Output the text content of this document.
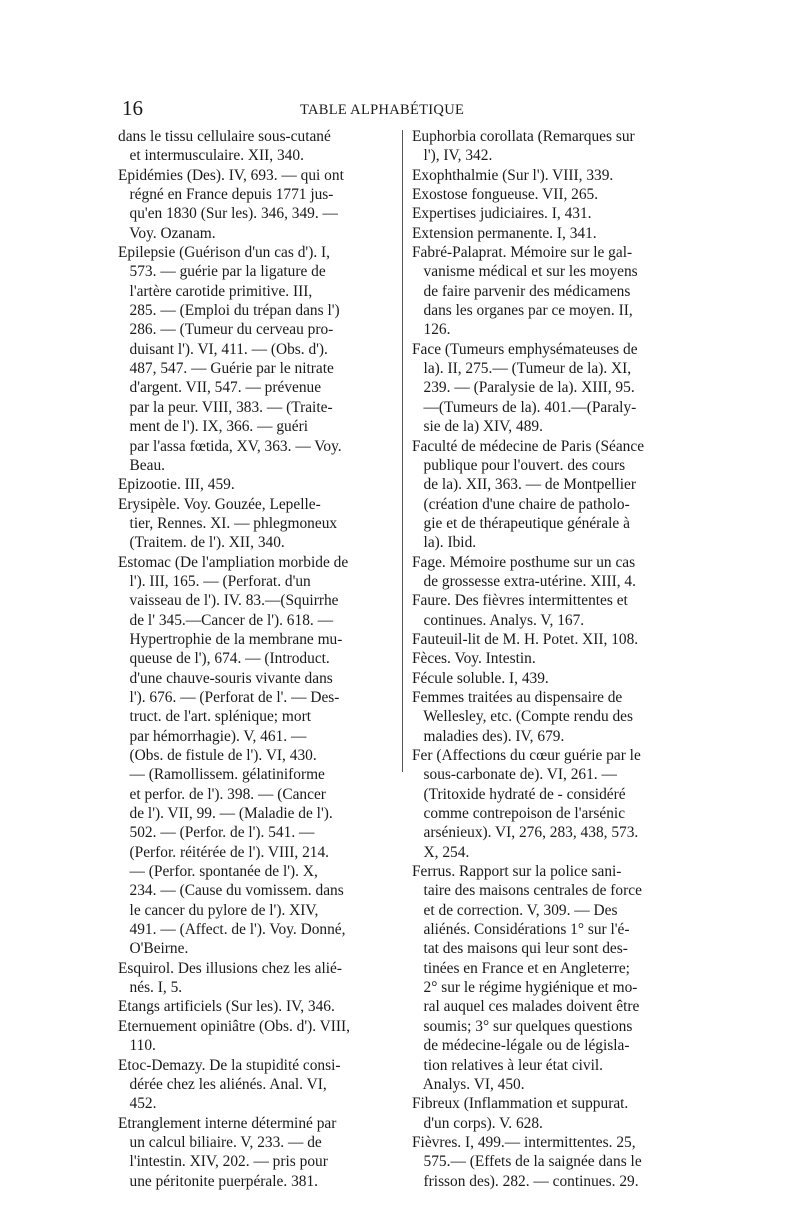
16	TABLE ALPHABÉTIQUE
dans le tissu cellulaire sous-cutané
et intermusculaire. XII, 340.
Epidémies (Des). IV, 693. — qui ont
régné en France depuis 1771 jus-
qu'en 1830 (Sur les). 346, 349. —
Voy. Ozanam.
Epilepsie (Guérison d'un cas d'). I,
573. — guérie par la ligature de
l'artère carotide primitive. III,
285. — (Emploi du trépan dans l')
286. — (Tumeur du cerveau pro-
duisant l'). VI, 411. — (Obs. d').
487, 547. — Guérie par le nitrate
d'argent. VII, 547. — prévenue
par la peur. VIII, 383. — (Traite-
ment de l'). IX, 366. — guéri
par l'assa fœtida, XV, 363. — Voy.
Beau.
Epizootie. III, 459.
Erysipèle. Voy. Gouzée, Lepelle-
tier, Rennes. XI. — phlegmoneux
(Traitem. de l'). XII, 340.
Estomac (De l'ampliation morbide de
l'). III, 165. — (Perforat. d'un
vaisseau de l'). IV. 83.—(Squirrhe
de l' 345.—Cancer de l'). 618. —
Hypertrophie de la membrane mu-
queuse de l'), 674. — (Introduct.
d'une chauve-souris vivante dans
l'). 676. — (Perforat de l'. — Des-
truct. de l'art. splénique; mort
par hémorrhagie). V, 461. —
(Obs. de fistule de l'). VI, 430.
— (Ramollissem. gélatiniforme
et perfor. de l'). 398. — (Cancer
de l'). VII, 99. — (Maladie de l').
502. — (Perfor. de l'). 541. —
(Perfor. réitérée de l'). VIII, 214.
— (Perfor. spontanée de l'). X,
234. — (Cause du vomissem. dans
le cancer du pylore de l'). XIV,
491. — (Affect. de l'). Voy. Donné,
O'Beirne.
Esquirol. Des illusions chez les alié-
nés. I, 5.
Etangs artificiels (Sur les). IV, 346.
Eternuement opiniâtre (Obs. d'). VIII,
110.
Etoc-Demazy. De la stupidité consi-
dérée chez les aliénés. Anal. VI,
452.
Etranglement interne déterminé par
un calcul biliaire. V, 233. — de
l'intestin. XIV, 202. — pris pour
une péritonite puerpérale. 381.
Euphorbia corollata (Remarques sur
l'), IV, 342.
Exophthalmie (Sur l'). VIII, 339.
Exostose fongueuse. VII, 265.
Expertises judiciaires. I, 431.
Extension permanente. I, 341.
Fabré-Palaprat. Mémoire sur le gal-
vanisme médical et sur les moyens
de faire parvenir des médicamens
dans les organes par ce moyen. II,
126.
Face (Tumeurs emphysémateuses de
la). II, 275.— (Tumeur de la). XI,
239. — (Paralysie de la). XIII, 95.
—(Tumeurs de la). 401.—(Paraly-
sie de la) XIV, 489.
Faculté de médecine de Paris (Séance
publique pour l'ouvert. des cours
de la). XII, 363. — de Montpellier
(création d'une chaire de patholo-
gie et de thérapeutique générale à
la). Ibid.
Fage. Mémoire posthume sur un cas
de grossesse extra-utérine. XIII, 4.
Faure. Des fièvres intermittentes et
continues. Analys. V, 167.
Fauteuil-lit de M. H. Potet. XII, 108.
Fèces. Voy. Intestin.
Fécule soluble. I, 439.
Femmes traitées au dispensaire de
Wellesley, etc. (Compte rendu des
maladies des). IV, 679.
Fer (Affections du cœur guérie par le
sous-carbonate de). VI, 261. —
(Tritoxide hydraté de - considéré
comme contrepoison de l'arsénic
arsénieux). VI, 276, 283, 438, 573.
X, 254.
Ferrus. Rapport sur la police sani-
taire des maisons centrales de force
et de correction. V, 309. — Des
aliénés. Considérations 1° sur l'é-
tat des maisons qui leur sont des-
tinées en France et en Angleterre;
2° sur le régime hygiénique et mo-
ral auquel ces malades doivent être
soumis; 3° sur quelques questions
de médecine-légale ou de législa-
tion relatives à leur état civil.
Analys. VI, 450.
Fibreux (Inflammation et suppurat.
d'un corps). V. 628.
Fièvres. I, 499.— intermittentes. 25,
575.— (Effets de la saignée dans le
frisson des). 282. — continues. 29.
